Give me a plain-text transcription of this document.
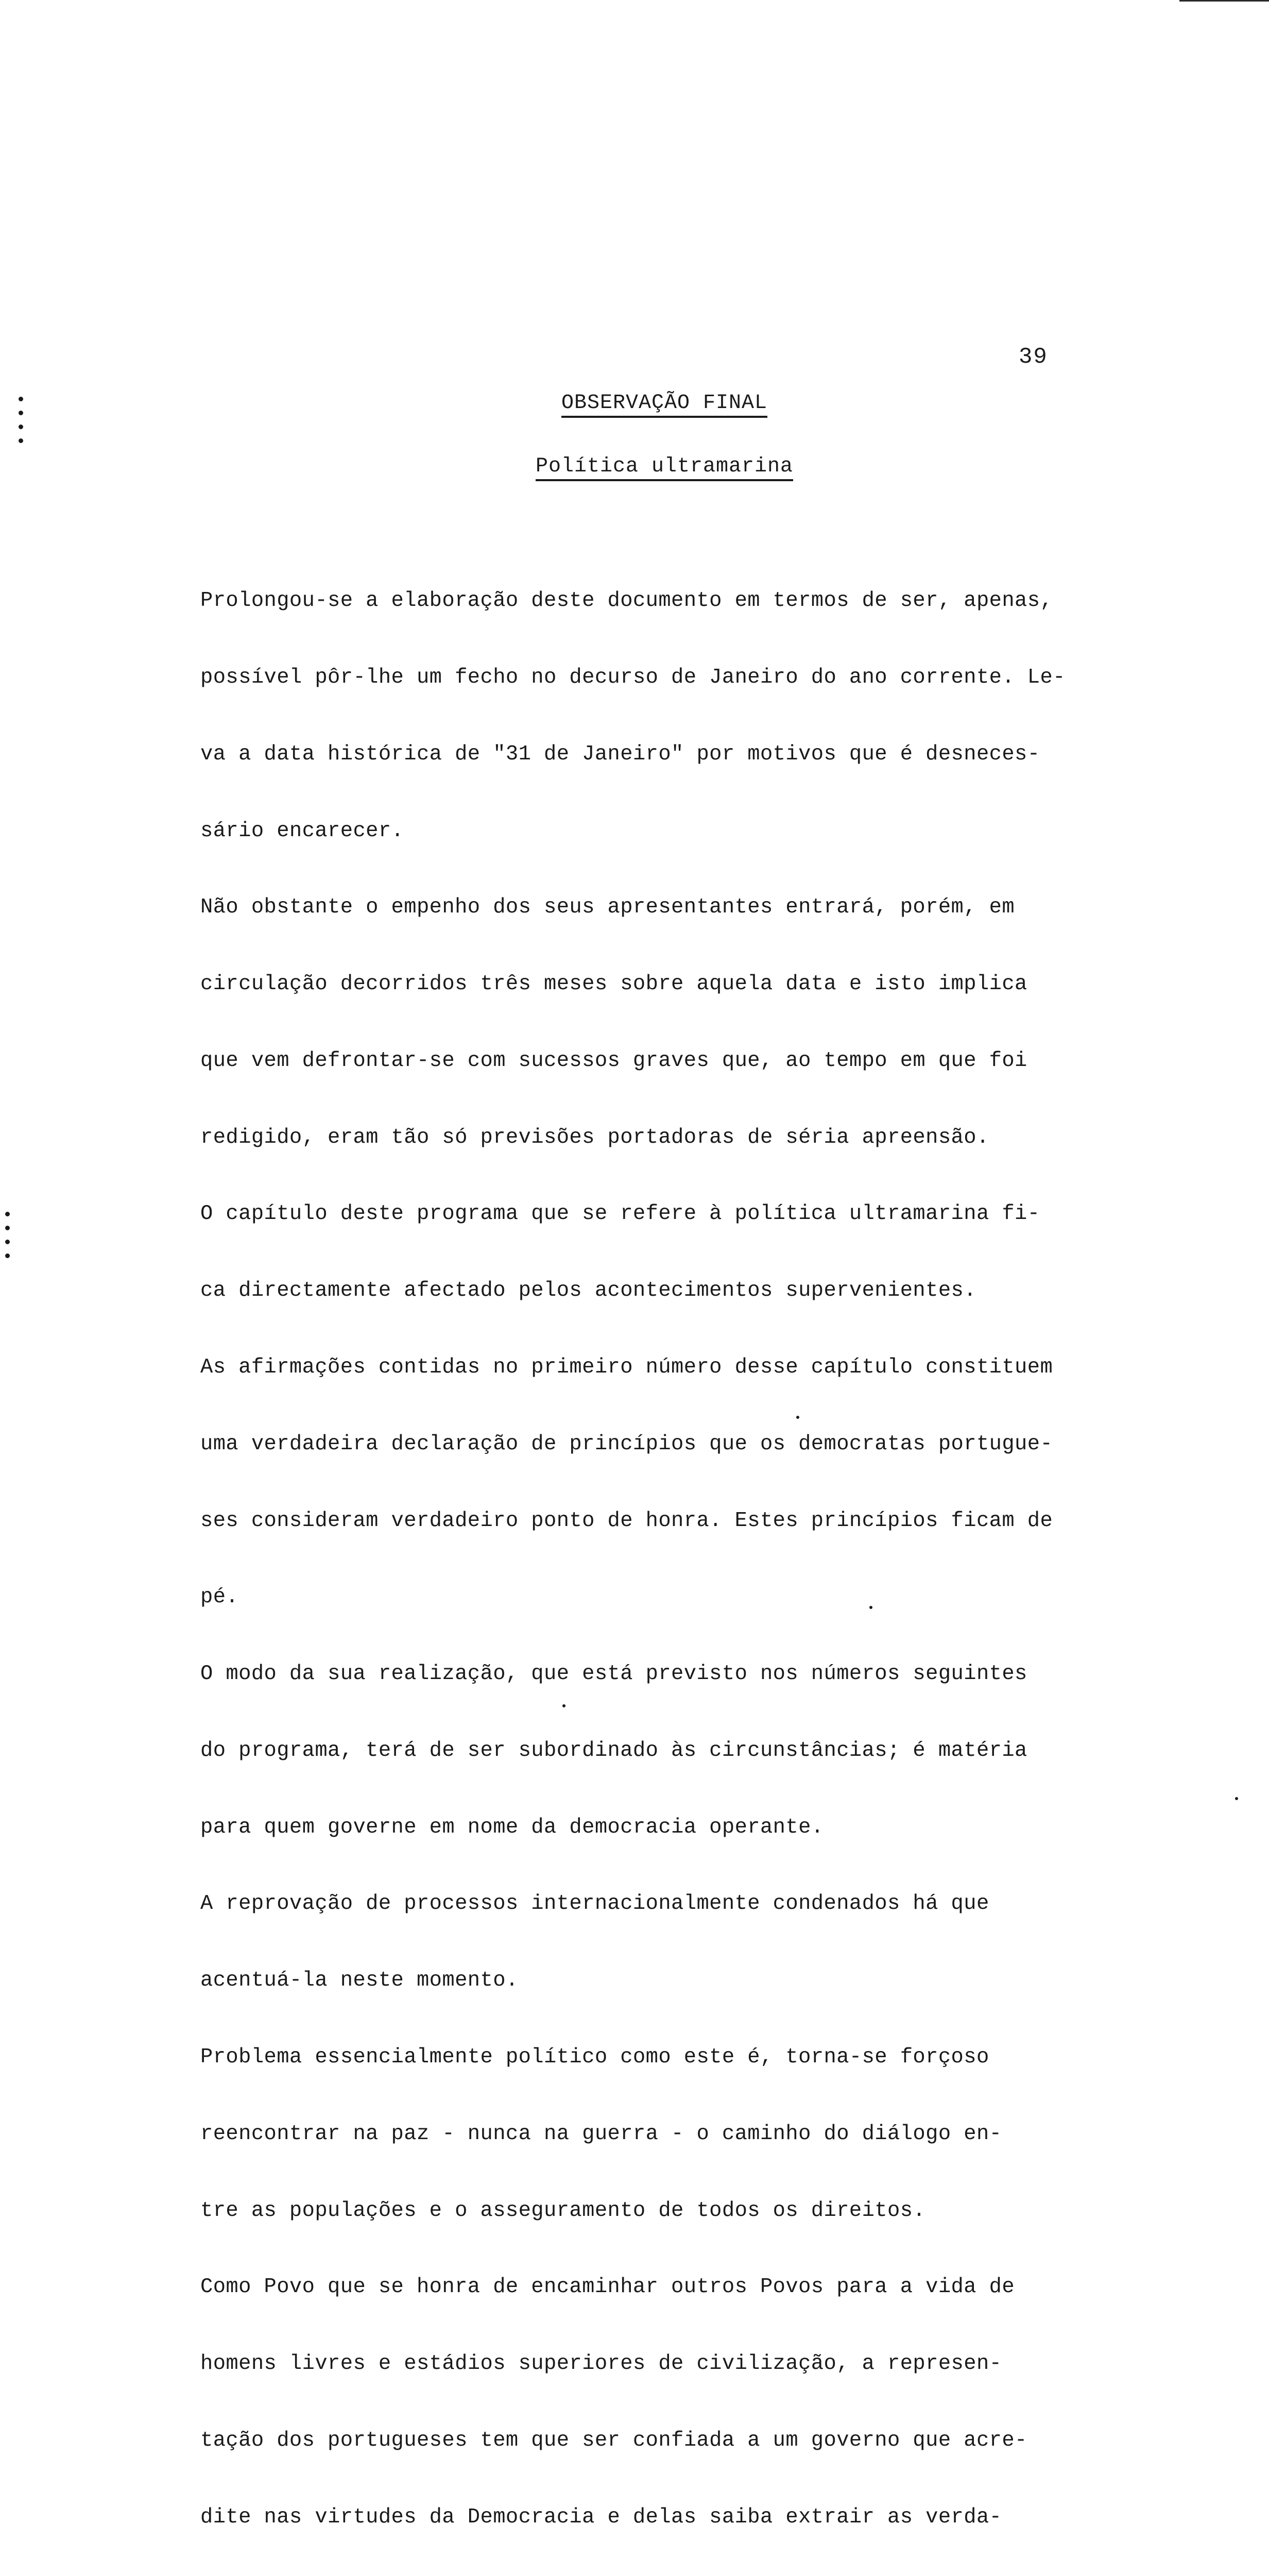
39
OBSERVAÇÃO FINAL
Política ultramarina

Prolongou-se a elaboração deste documento em termos de ser, apenas,

possível pôr-lhe um fecho no decurso de Janeiro do ano corrente. Le-

va a data histórica de "31 de Janeiro" por motivos que é desneces-

sário encarecer.

Não obstante o empenho dos seus apresentantes entrará, porém, em

circulação decorridos três meses sobre aquela data e isto implica

que vem defrontar-se com sucessos graves que, ao tempo em que foi

redigido, eram tão só previsões portadoras de séria apreensão.

O capítulo deste programa que se refere à política ultramarina fi-

ca directamente afectado pelos acontecimentos supervenientes.

As afirmações contidas no primeiro número desse capítulo constituem

uma verdadeira declaração de princípios que os democratas portugue-

ses consideram verdadeiro ponto de honra. Estes princípios ficam de

pé.

O modo da sua realização, que está previsto nos números seguintes

do programa, terá de ser subordinado às circunstâncias; é matéria

para quem governe em nome da democracia operante.

A reprovação de processos internacionalmente condenados há que

acentuá-la neste momento.

Problema essencialmente político como este é, torna-se forçoso

reencontrar na paz - nunca na guerra - o caminho do diálogo en-

tre as populações e o asseguramento de todos os direitos.

Como Povo que se honra de encaminhar outros Povos para a vida de

homens livres e estádios superiores de civilização, a represen-

tação dos portugueses tem que ser confiada a um governo que acre-

dite nas virtudes da Democracia e delas saiba extrair as verda-
